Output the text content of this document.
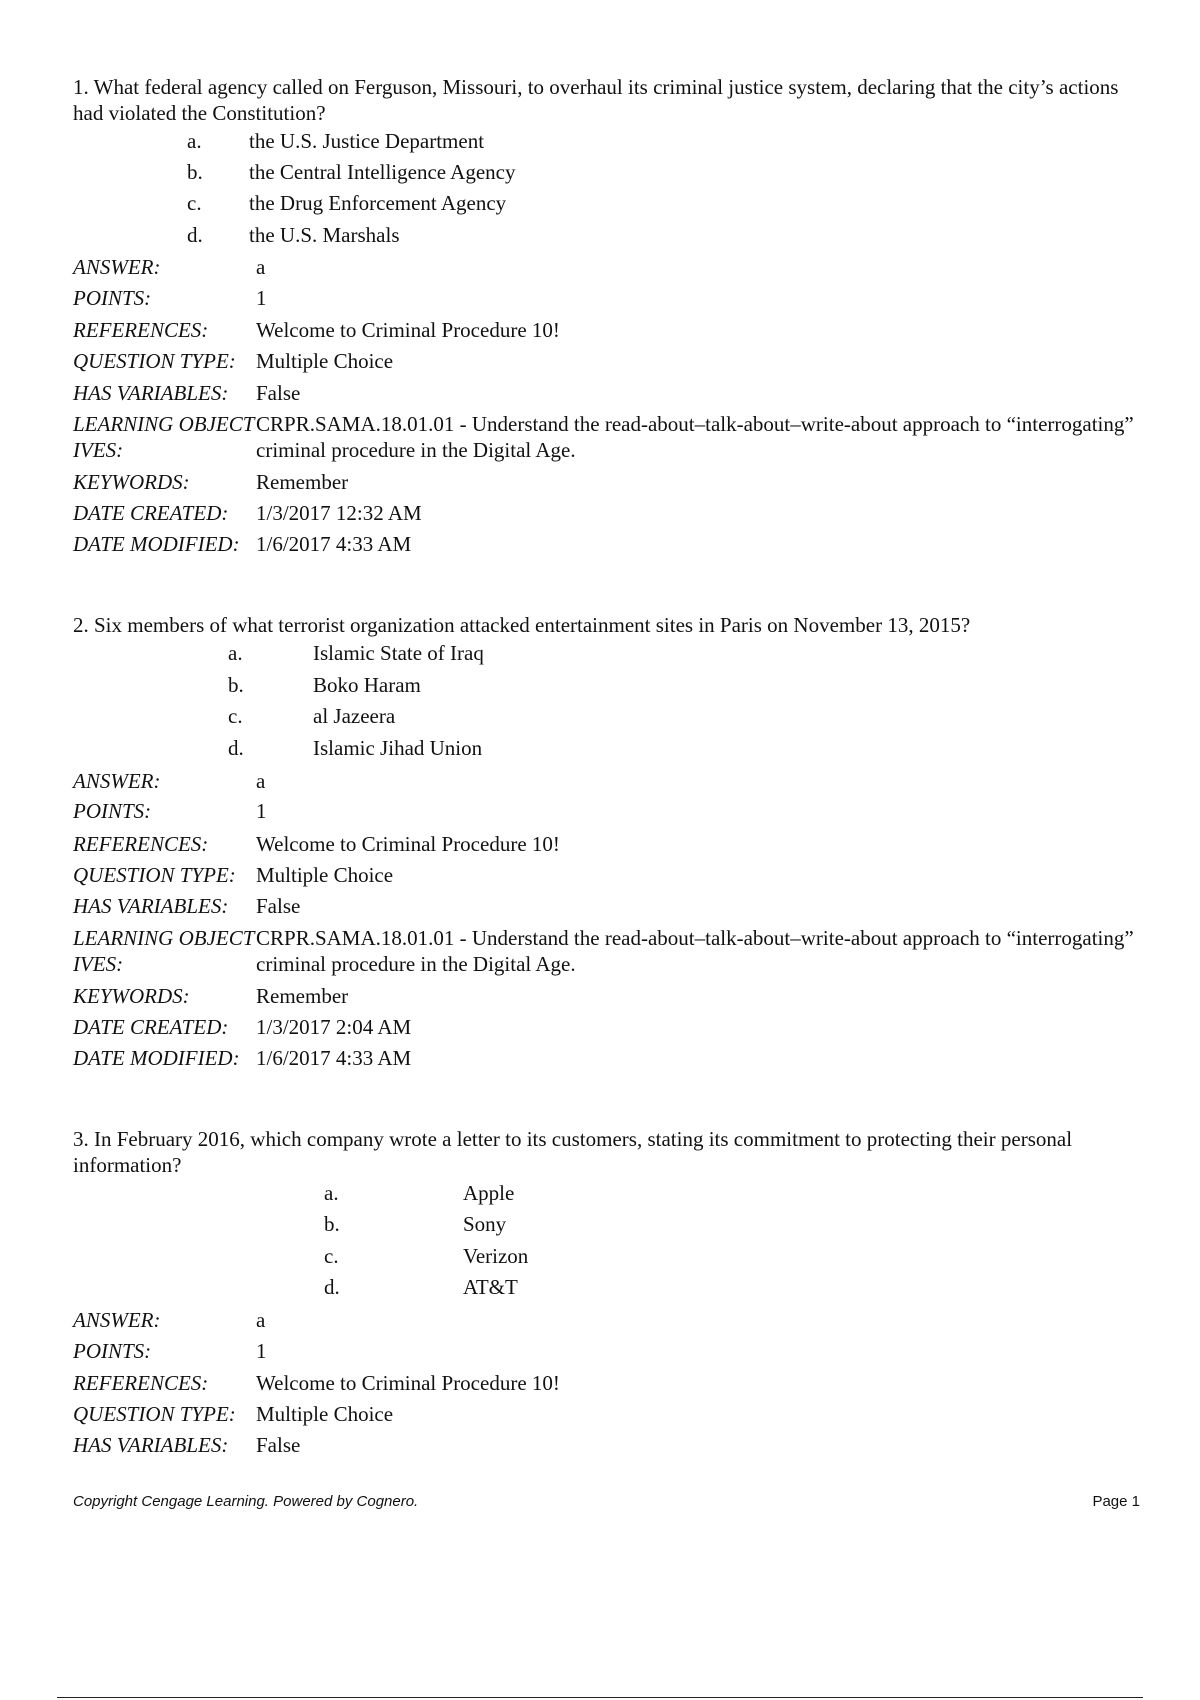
1. What federal agency called on Ferguson, Missouri, to overhaul its criminal justice system, declaring that the city’s actions had violated the Constitution?
a. the U.S. Justice Department
b. the Central Intelligence Agency
c. the Drug Enforcement Agency
d. the U.S. Marshals
ANSWER:	a
POINTS:	1
REFERENCES: Welcome to Criminal Procedure 10!
QUESTION TYPE: Multiple Choice
HAS VARIABLES: False
LEARNING OBJECTIVES:
CRPR.SAMA.18.01.01 - Understand the read-about–talk-about–write-about approach to “interrogating” criminal procedure in the Digital Age.
KEYWORDS:	Remember
DATE CREATED: 1/3/2017 12:32 AM
DATE MODIFIED: 1/6/2017 4:33 AM
2. Six members of what terrorist organization attacked entertainment sites in Paris on November 13, 2015?
a.	Islamic State of Iraq
b.	Boko Haram
c.	al Jazeera
d.	Islamic Jihad Union
ANSWER:	a
POINTS:	1
REFERENCES: Welcome to Criminal Procedure 10!
QUESTION TYPE: Multiple Choice
HAS VARIABLES: False
LEARNING OBJECTIVES:
CRPR.SAMA.18.01.01 - Understand the read-about–talk-about–write-about approach to “interrogating” criminal procedure in the Digital Age.
KEYWORDS:	Remember
DATE CREATED: 1/3/2017 2:04 AM
DATE MODIFIED: 1/6/2017 4:33 AM
3. In February 2016, which company wrote a letter to its customers, stating its commitment to protecting their personal information?
a.	Apple
b.	Sony
c.	Verizon
d.	AT&T
ANSWER:	a
POINTS:	1
REFERENCES: Welcome to Criminal Procedure 10!
QUESTION TYPE: Multiple Choice
HAS VARIABLES: False
Copyright Cengage Learning. Powered by Cognero.	Page 1
